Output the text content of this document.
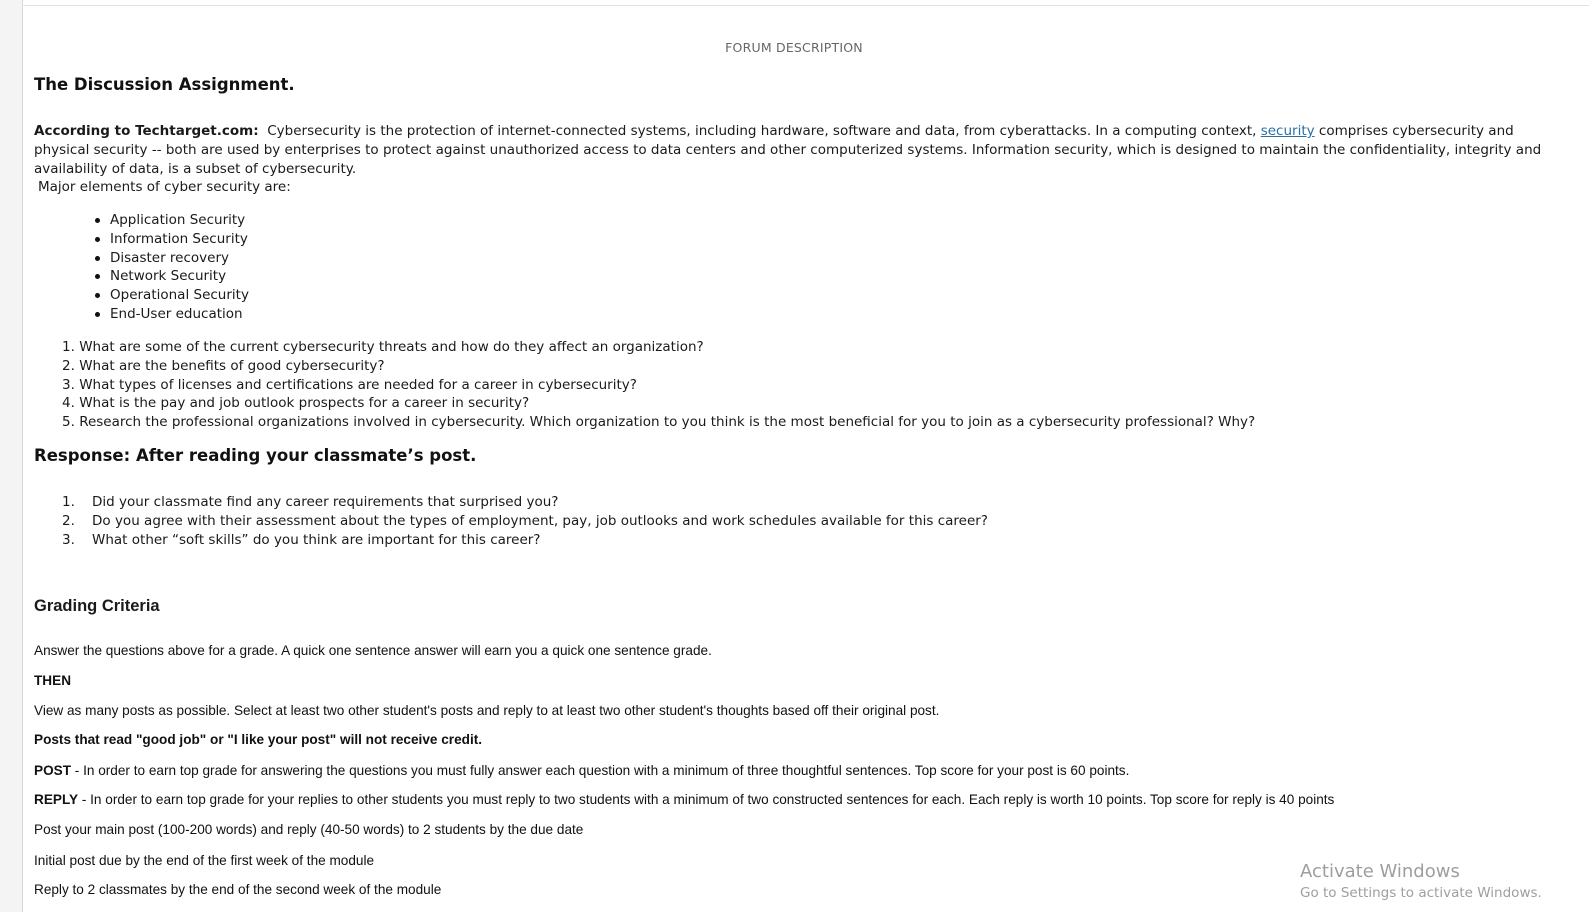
FORUM DESCRIPTION
The Discussion Assignment.

According to Techtarget.com: Cybersecurity is the protection of internet-connected systems, including hardware, software and data, from cyberattacks. In a computing context, security comprises cybersecurity and physical security -- both are used by enterprises to protect against unauthorized access to data centers and other computerized systems. Information security, which is designed to maintain the confidentiality, integrity and availability of data, is a subset of cybersecurity.

Major elements of cyber security are:

Application Security
Information Security
Disaster recovery
Network Security
Operational Security
End-User education
1. What are some of the current cybersecurity threats and how do they affect an organization?
2. What are the benefits of good cybersecurity?
3. What types of licenses and certifications are needed for a career in cybersecurity?
4. What is the pay and job outlook prospects for a career in security?
5. Research the professional organizations involved in cybersecurity. Which organization to you think is the most beneficial for you to join as a cybersecurity professional? Why?
Response: After reading your classmate’s post.
1. Did your classmate find any career requirements that surprised you?
2. Do you agree with their assessment about the types of employment, pay, job outlooks and work schedules available for this career?
3. What other “soft skills” do you think are important for this career?
Grading Criteria

Answer the questions above for a grade. A quick one sentence answer will earn you a quick one sentence grade.

THEN

View as many posts as possible. Select at least two other student's posts and reply to at least two other student's thoughts based off their original post.

Posts that read "good job" or "I like your post" will not receive credit.

POST - In order to earn top grade for answering the questions you must fully answer each question with a minimum of three thoughtful sentences. Top score for your post is 60 points.

REPLY - In order to earn top grade for your replies to other students you must reply to two students with a minimum of two constructed sentences for each. Each reply is worth 10 points. Top score for reply is 40 points

Post your main post (100-200 words) and reply (40-50 words) to 2 students by the due date

Initial post due by the end of the first week of the module

Reply to 2 classmates by the end of the second week of the module

Activate Windows
Go to Settings to activate Windows.
